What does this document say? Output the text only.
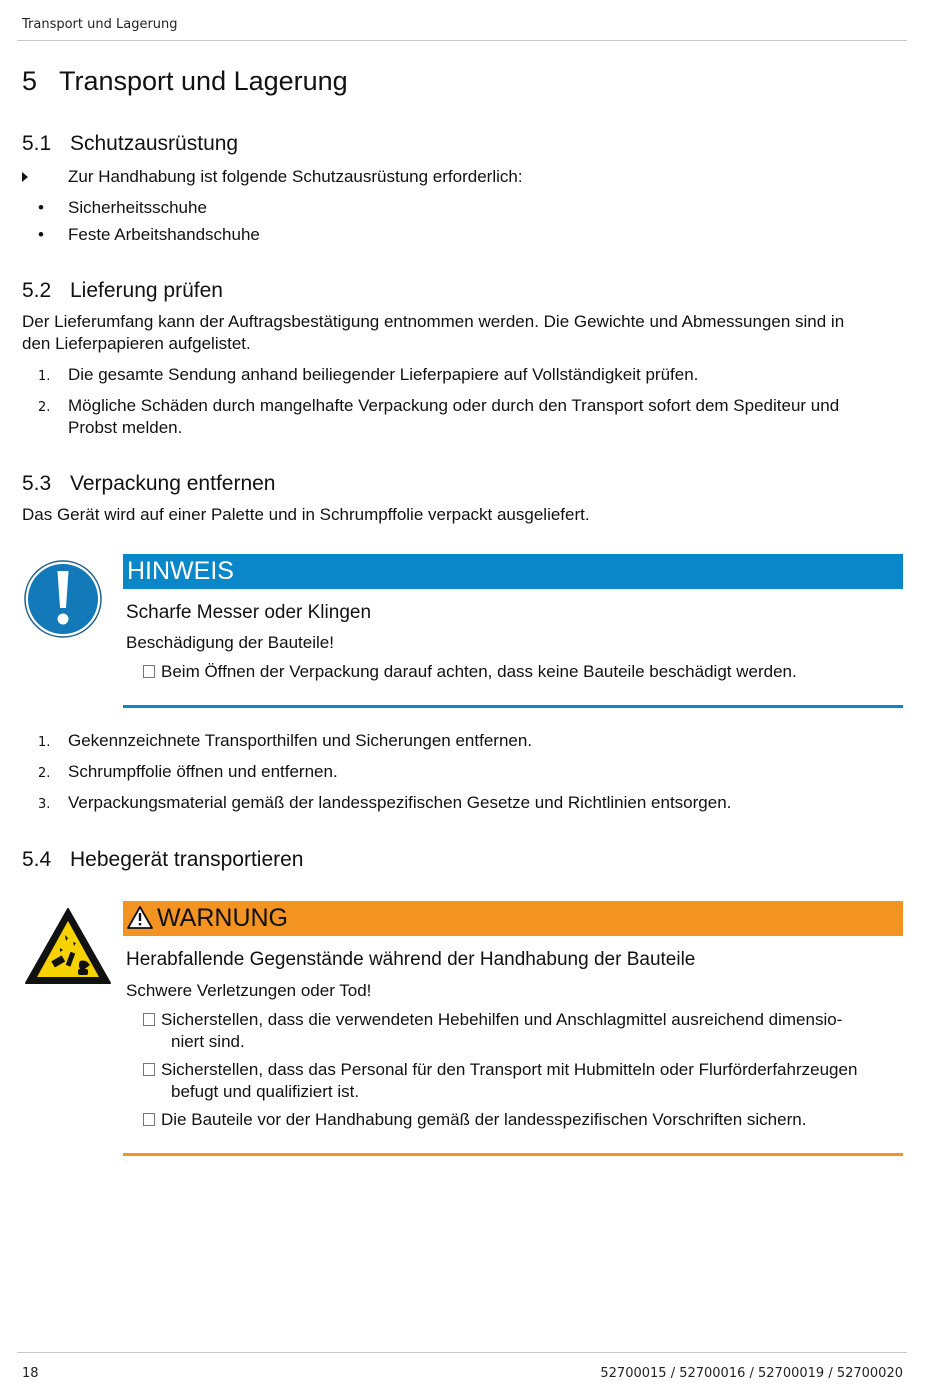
Transport und Lagerung
5 Transport und Lagerung
5.1 Schutzausrüstung
Zur Handhabung ist folgende Schutzausrüstung erforderlich:
•	Sicherheitsschuhe
•	Feste Arbeitshandschuhe
5.2 Lieferung prüfen
Der Lieferumfang kann der Auftragsbestätigung entnommen werden. Die Gewichte und Abmessungen sind in
den Lieferpapieren aufgelistet.
1.	Die gesamte Sendung anhand beiliegender Lieferpapiere auf Vollständigkeit prüfen.
2.	Mögliche Schäden durch mangelhafte Verpackung oder durch den Transport sofort dem Spediteur und
Probst melden.
5.3 Verpackung entfernen
Das Gerät wird auf einer Palette und in Schrumpffolie verpackt ausgeliefert.
HINWEIS
Scharfe Messer oder Klingen
Beschädigung der Bauteile!
Beim Öffnen der Verpackung darauf achten, dass keine Bauteile beschädigt werden.
1.	Gekennzeichnete Transporthilfen und Sicherungen entfernen.
2.	Schrumpffolie öffnen und entfernen.
3.	Verpackungsmaterial gemäß der landesspezifischen Gesetze und Richtlinien entsorgen.
5.4 Hebegerät transportieren
WARNUNG
Herabfallende Gegenstände während der Handhabung der Bauteile
Schwere Verletzungen oder Tod!
Sicherstellen, dass die verwendeten Hebehilfen und Anschlagmittel ausreichend dimensio-
niert sind.
Sicherstellen, dass das Personal für den Transport mit Hubmitteln oder Flurförderfahrzeugen
befugt und qualifiziert ist.
Die Bauteile vor der Handhabung gemäß der landesspezifischen Vorschriften sichern.
18	52700015 / 52700016 / 52700019 / 52700020
